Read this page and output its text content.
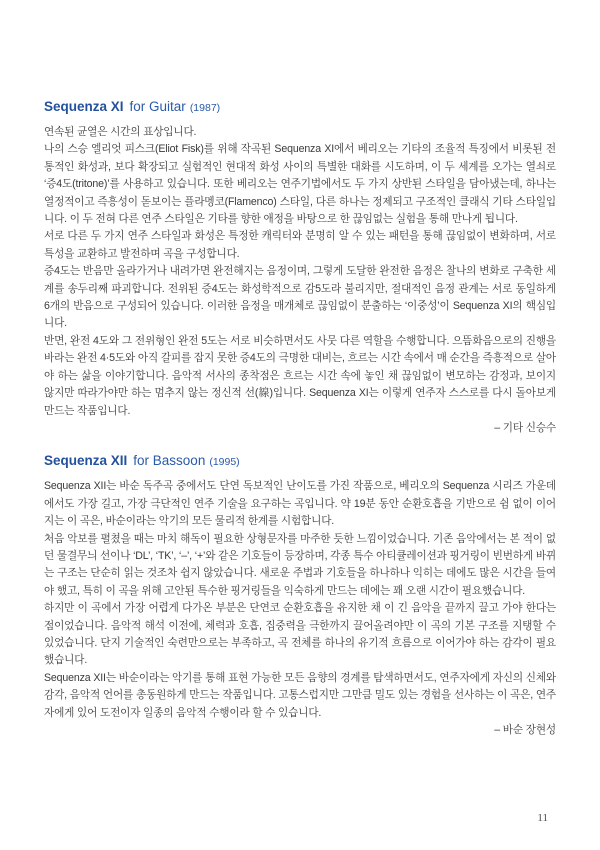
Sequenza XI for Guitar (1987)

연속된 균열은 시간의 표상입니다.

나의 스승 엘리엇 피스크(Eliot Fisk)를 위해 작곡된 Sequenza XI에서 베리오는 기타의 조율적 특징에서 비롯된 전통적인 화성과, 보다 확장되고 실험적인 현대적 화성 사이의 특별한 대화를 시도하며, 이 두 세계를 오가는 열쇠로 ‘증4도(tritone)’를 사용하고 있습니다. 또한 베리오는 연주기법에서도 두 가지 상반된 스타일을 담아냈는데, 하나는 열정적이고 즉흥성이 돋보이는 플라멩코(Flamenco) 스타일, 다른 하나는 정제되고 구조적인 클래식 기타 스타일입니다. 이 두 전혀 다른 연주 스타일은 기타를 향한 애정을 바탕으로 한 끊임없는 실험을 통해 만나게 됩니다.

서로 다른 두 가지 연주 스타일과 화성은 특정한 캐릭터와 분명히 알 수 있는 패턴을 통해 끊임없이 변화하며, 서로 특성을 교환하고 발전하며 곡을 구성합니다.

증4도는 반음만 올라가거나 내려가면 완전해지는 음정이며, 그렇게 도달한 완전한 음정은 찰나의 변화로 구축한 세계를 송두리째 파괴합니다. 전위된 증4도는 화성학적으로 감5도라 불리지만, 절대적인 음정 관계는 서로 동일하게 6개의 반음으로 구성되어 있습니다. 이러한 음정을 매개체로 끊임없이 분출하는 ‘이중성’이 Sequenza XI의 핵심입니다.

반면, 완전 4도와 그 전위형인 완전 5도는 서로 비슷하면서도 사뭇 다른 역할을 수행합니다. 으뜸화음으로의 진행을 바라는 완전 4·5도와 아직 갈피를 잡지 못한 증4도의 극명한 대비는, 흐르는 시간 속에서 매 순간을 즉흥적으로 살아야 하는 삶을 이야기합니다. 음악적 서사의 종착점은 흐르는 시간 속에 놓인 채 끊임없이 변모하는 감정과, 보이지 않지만 따라가야만 하는 멈추지 않는 정신적 선(線)입니다. Sequenza XI는 이렇게 연주자 스스로를 다시 돌아보게 만드는 작품입니다.

– 기타 신승수

Sequenza XII for Bassoon (1995)

Sequenza XII는 바순 독주곡 중에서도 단연 독보적인 난이도를 가진 작품으로, 베리오의 Sequenza 시리즈 가운데에서도 가장 길고, 가장 극단적인 연주 기술을 요구하는 곡입니다. 약 19분 동안 순환호흡을 기반으로 쉼 없이 이어지는 이 곡은, 바순이라는 악기의 모든 물리적 한계를 시험합니다.

처음 악보를 펼쳤을 때는 마치 해독이 필요한 상형문자를 마주한 듯한 느낌이었습니다. 기존 음악에서는 본 적이 없던 물결무늬 선이나 ‘DL’, ‘TK’, ‘–’, ‘+’와 같은 기호들이 등장하며, 각종 특수 아티큘레이션과 핑거링이 빈번하게 바뀌는 구조는 단순히 읽는 것조차 쉽지 않았습니다. 새로운 주법과 기호들을 하나하나 익히는 데에도 많은 시간을 들여야 했고, 특히 이 곡을 위해 고안된 특수한 핑거링들을 익숙하게 만드는 데에는 꽤 오랜 시간이 필요했습니다.

하지만 이 곡에서 가장 어렵게 다가온 부분은 단연코 순환호흡을 유지한 채 이 긴 음악을 끝까지 끌고 가야 한다는 점이었습니다. 음악적 해석 이전에, 체력과 호흡, 집중력을 극한까지 끌어올려야만 이 곡의 기본 구조를 지탱할 수 있었습니다. 단지 기술적인 숙련만으로는 부족하고, 곡 전체를 하나의 유기적 흐름으로 이어가야 하는 감각이 필요했습니다.

Sequenza XII는 바순이라는 악기를 통해 표현 가능한 모든 음향의 경계를 탐색하면서도, 연주자에게 자신의 신체와 감각, 음악적 언어를 총동원하게 만드는 작품입니다. 고통스럽지만 그만큼 밀도 있는 경험을 선사하는 이 곡은, 연주자에게 있어 도전이자 일종의 음악적 수행이라 할 수 있습니다.

– 바순 장현성

11
